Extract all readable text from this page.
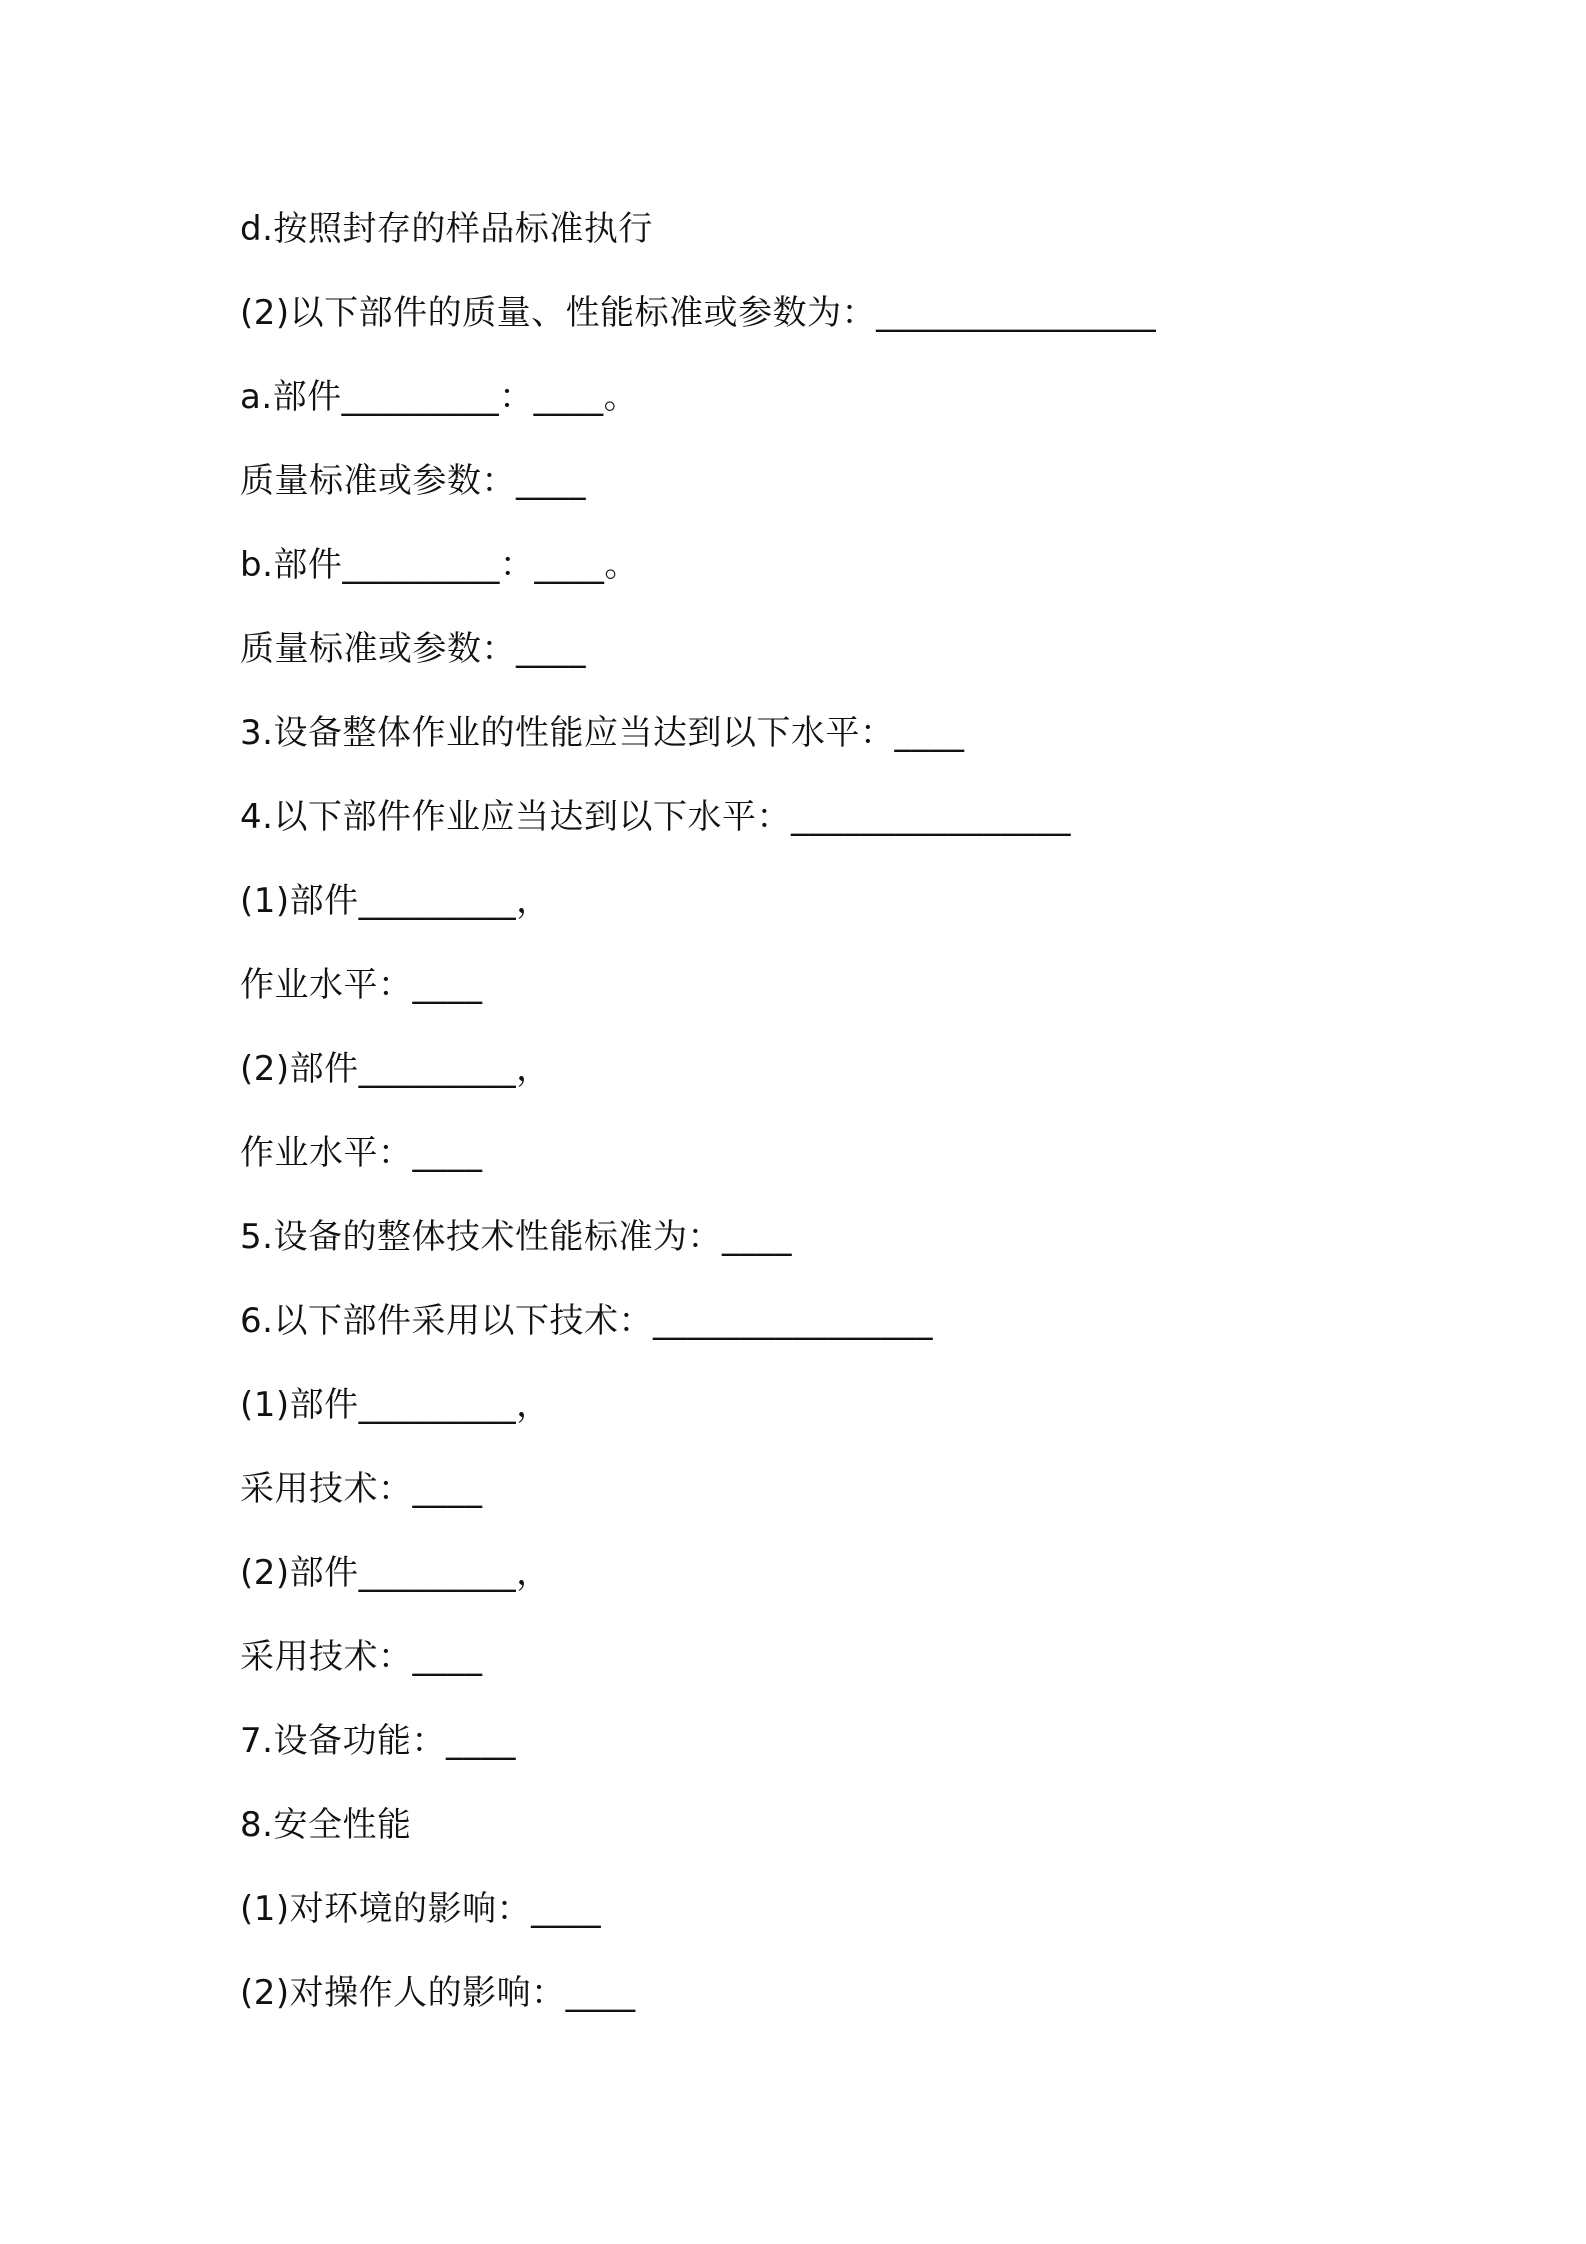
d.按照封存的样品标准执行
(2)以下部件的质量、性能标准或参数为：________________
a.部件_________：____。
质量标准或参数：____
b.部件_________：____。
质量标准或参数：____
3.设备整体作业的性能应当达到以下水平：____
4.以下部件作业应当达到以下水平：________________
(1)部件_________，
作业水平：____
(2)部件_________，
作业水平：____
5.设备的整体技术性能标准为：____
6.以下部件采用以下技术：________________
(1)部件_________，
采用技术：____
(2)部件_________，
采用技术：____
7.设备功能：____
8.安全性能
(1)对环境的影响：____
(2)对操作人的影响：____
